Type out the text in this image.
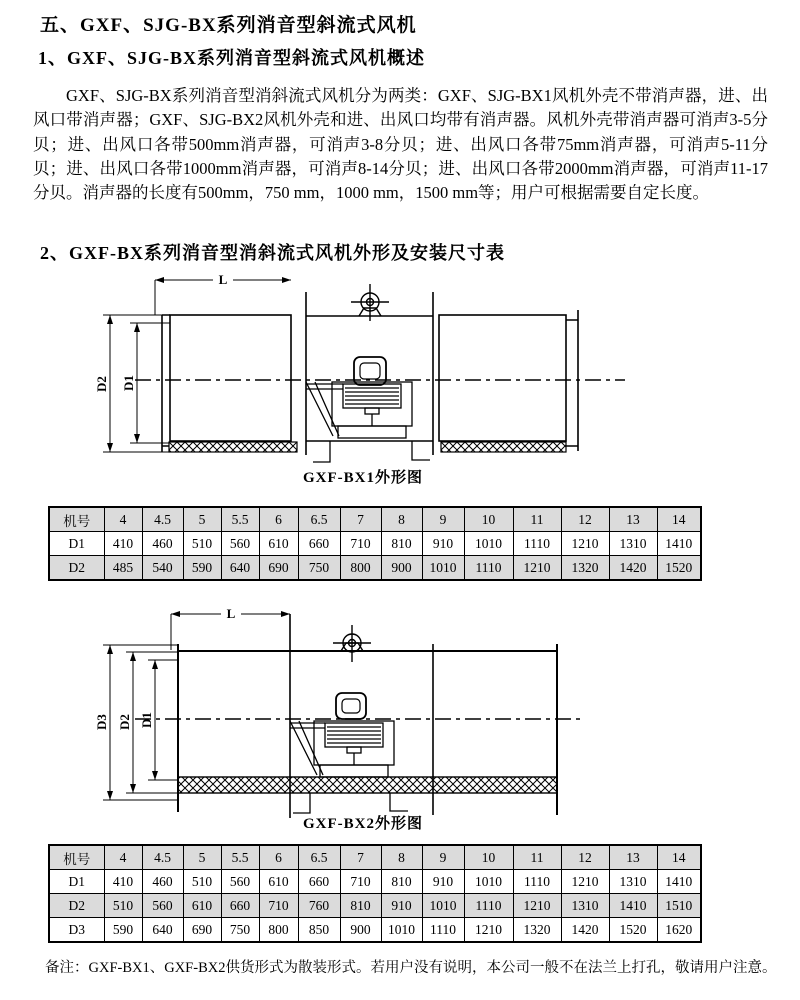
五、GXF、SJG-BX系列消音型斜流式风机
1、GXF、SJG-BX系列消音型斜流式风机概述
GXF、SJG-BX系列消音型消斜流式风机分为两类：GXF、SJG-BX1风机外壳不带消声器，进、出风口带消声器；GXF、SJG-BX2风机外壳和进、出风口均带有消声器。风机外壳带消声器可消声3-5分贝；进、出风口各带500mm消声器，可消声3-8分贝；进、出风口各带75mm消声器，可消声5-11分贝；进、出风口各带1000mm消声器，可消声8-14分贝；进、出风口各带2000mm消声器，可消声11-17分贝。消声器的长度有500mm，750 mm，1000 mm，1500 mm等；用户可根据需要自定长度。
2、GXF-BX系列消音型消斜流式风机外形及安装尺寸表
L
D2 D1
GXF-BX1外形图
机号	4	4.5	5	5.5	6	6.5	7	8	9	10	11	12	13	14
D1	410	460	510	560	610	660	710	810	910	1010	1110	1210	1310	1410
D2	485	540	590	640	690	750	800	900	1010	1110	1210	1320	1420	1520
L
D3 D2 D1
GXF-BX2外形图
机号	4	4.5	5	5.5	6	6.5	7	8	9	10	11	12	13	14
D1	410	460	510	560	610	660	710	810	910	1010	1110	1210	1310	1410
D2	510	560	610	660	710	760	810	910	1010	1110	1210	1310	1410	1510
D3	590	640	690	750	800	850	900	1010	1110	1210	1320	1420	1520	1620
备注：GXF-BX1、GXF-BX2供货形式为散装形式。若用户没有说明，本公司一般不在法兰上打孔，敬请用户注意。
